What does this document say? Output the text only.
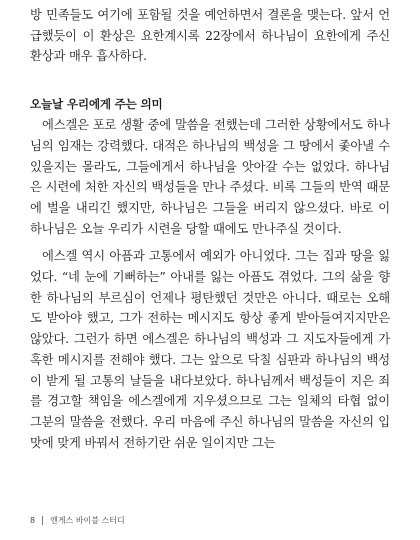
방 민족들도 여기에 포함될 것을 예언하면서 결론을 맺는다. 앞서 언급했듯이 이 환상은 요한계시록 22장에서 하나님이 요한에게 주신 환상과 매우 흡사하다.

오늘날 우리에게 주는 의미

에스겔은 포로 생활 중에 말씀을 전했는데 그러한 상황에서도 하나님의 임재는 강력했다. 대적은 하나님의 백성을 그 땅에서 좇아낼 수 있을지는 몰라도, 그들에게서 하나님을 앗아갈 수는 없었다. 하나님은 시련에 처한 자신의 백성들을 만나 주셨다. 비록 그들의 반역 때문에 벌을 내리긴 했지만, 하나님은 그들을 버리지 않으셨다. 바로 이 하나님은 오늘 우리가 시련을 당할 때에도 만나주실 것이다.

에스겔 역시 아픔과 고통에서 예외가 아니었다. 그는 집과 땅을 잃었다. “네 눈에 기뻐하는” 아내를 잃는 아픔도 겪었다. 그의 삶을 향한 하나님의 부르심이 언제나 평탄했던 것만은 아니다. 때로는 오해도 받아야 했고, 그가 전하는 메시지도 항상 좋게 받아들여지지만은 않았다. 그런가 하면 에스겔은 하나님의 백성과 그 지도자들에게 가혹한 메시지를 전해야 했다. 그는 앞으로 닥칠 심판과 하나님의 백성이 받게 될 고통의 날들을 내다보았다. 하나님께서 백성들이 지은 죄를 경고할 책임을 에스겔에게 지우셨으므로 그는 일체의 타협 없이 그분의 말씀을 전했다. 우리 마음에 주신 하나님의 말씀을 자신의 입맛에 맞게 바꿔서 전하기란 쉬운 일이지만 그는

8 엔게스 바이블 스터디
